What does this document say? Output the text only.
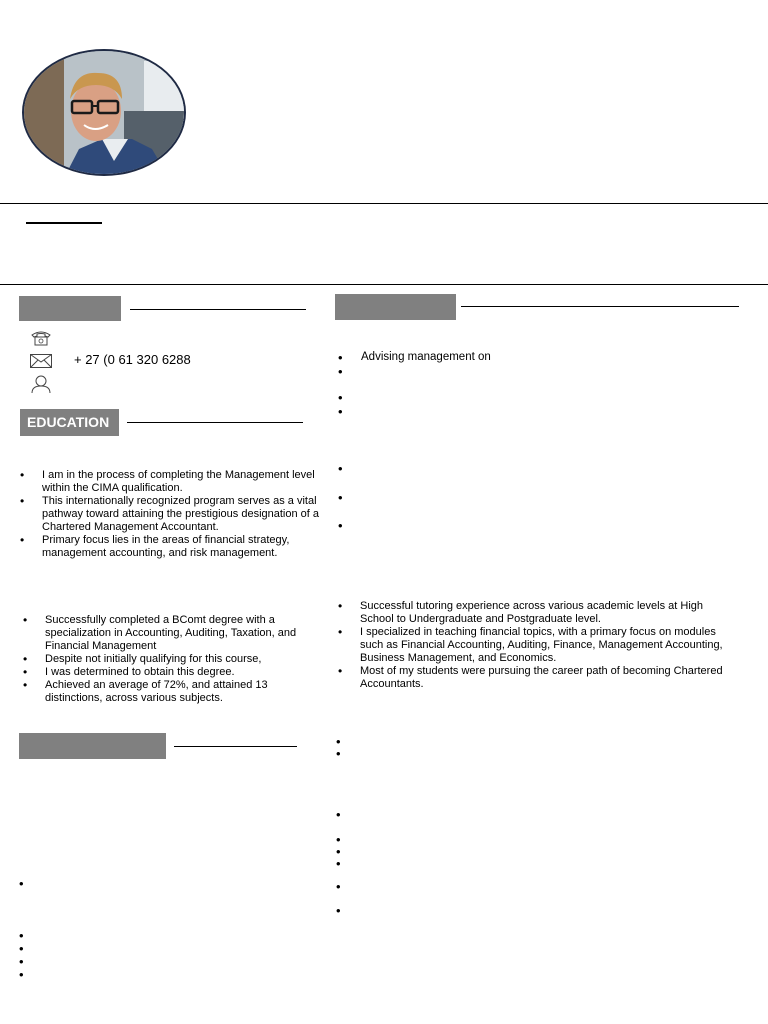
+ 27 (0 61 320 6288
EDUCATION
• I am in the process of completing the Management level within the CIMA qualification.
• This internationally recognized program serves as a vital pathway toward attaining the prestigious designation of a Chartered Management Accountant.
• Primary focus lies in the areas of financial strategy, management accounting, and risk management.
• Successfully completed a BComt degree with a specialization in Accounting, Auditing, Taxation, and Financial Management
• Despite not initially qualifying for this course,
• I was determined to obtain this degree.
• Achieved an average of 72%, and attained 13 distinctions, across various subjects.
•
•
•
•
•
• Advising management on
•
•
•
•
•
•
• Successful tutoring experience across various academic levels at High School to Undergraduate and Postgraduate level.
• I specialized in teaching financial topics, with a primary focus on modules such as Financial Accounting, Auditing, Finance, Management Accounting, Business Management, and Economics.
• Most of my students were pursuing the career path of becoming Chartered Accountants.
•
•
•
•
•
•
•
•
